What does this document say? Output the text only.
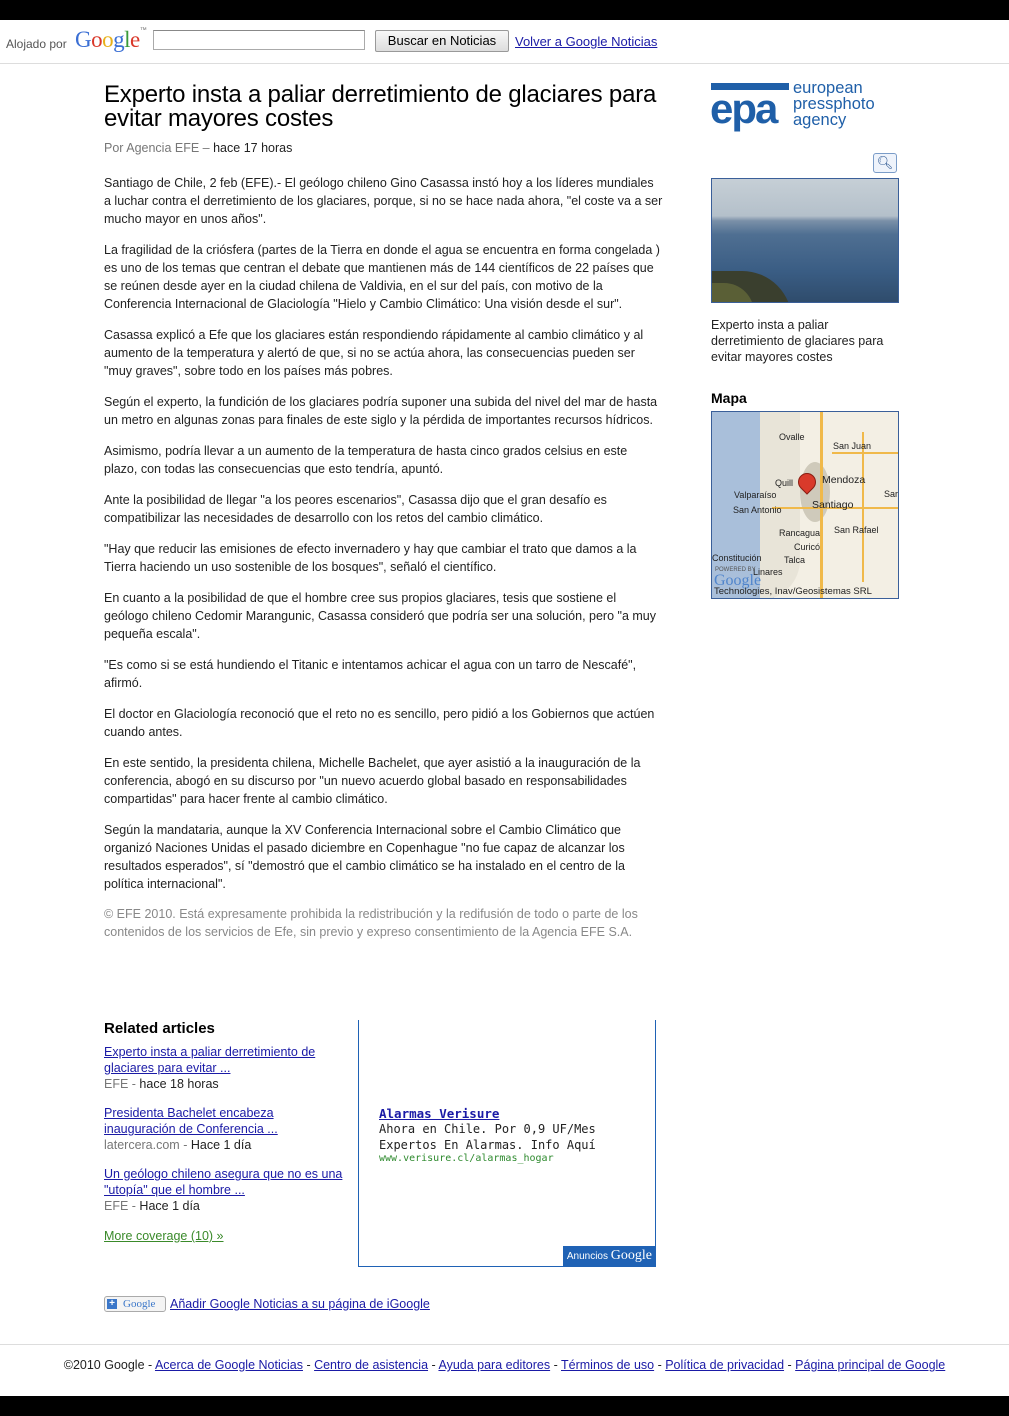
Alojado por Google™
Buscar en Noticias	Volver a Google Noticias
Experto insta a paliar derretimiento de glaciares para evitar mayores costes
Por Agencia EFE – hace 17 horas

Santiago de Chile, 2 feb (EFE).- El geólogo chileno Gino Casassa instó hoy a los líderes mundiales a luchar contra el derretimiento de los glaciares, porque, si no se hace nada ahora, "el coste va a ser mucho mayor en unos años".

La fragilidad de la criósfera (partes de la Tierra en donde el agua se encuentra en forma congelada ) es uno de los temas que centran el debate que mantienen más de 144 científicos de 22 países que se reúnen desde ayer en la ciudad chilena de Valdivia, en el sur del país, con motivo de la Conferencia Internacional de Glaciología "Hielo y Cambio Climático: Una visión desde el sur".

Casassa explicó a Efe que los glaciares están respondiendo rápidamente al cambio climático y al aumento de la temperatura y alertó de que, si no se actúa ahora, las consecuencias pueden ser "muy graves", sobre todo en los países más pobres.

Según el experto, la fundición de los glaciares podría suponer una subida del nivel del mar de hasta un metro en algunas zonas para finales de este siglo y la pérdida de importantes recursos hídricos.

Asimismo, podría llevar a un aumento de la temperatura de hasta cinco grados celsius en este plazo, con todas las consecuencias que esto tendría, apuntó.

Ante la posibilidad de llegar "a los peores escenarios", Casassa dijo que el gran desafío es compatibilizar las necesidades de desarrollo con los retos del cambio climático.

"Hay que reducir las emisiones de efecto invernadero y hay que cambiar el trato que damos a la Tierra haciendo un uso sostenible de los bosques", señaló el científico.

En cuanto a la posibilidad de que el hombre cree sus propios glaciares, tesis que sostiene el geólogo chileno Cedomir Marangunic, Casassa consideró que podría ser una solución, pero "a muy pequeña escala".

"Es como si se está hundiendo el Titanic e intentamos achicar el agua con un tarro de Nescafé", afirmó.

El doctor en Glaciología reconoció que el reto no es sencillo, pero pidió a los Gobiernos que actúen cuando antes.

En este sentido, la presidenta chilena, Michelle Bachelet, que ayer asistió a la inauguración de la conferencia, abogó en su discurso por "un nuevo acuerdo global basado en responsabilidades compartidas" para hacer frente al cambio climático.

Según la mandataria, aunque la XV Conferencia Internacional sobre el Cambio Climático que organizó Naciones Unidas el pasado diciembre en Copenhague "no fue capaz de alcanzar los resultados esperados", sí "demostró que el cambio climático se ha instalado en el centro de la política internacional".

© EFE 2010. Está expresamente prohibida la redistribución y la redifusión de todo o parte de los contenidos de los servicios de Efe, sin previo y expreso consentimiento de la Agencia EFE S.A.
Related articles
Experto insta a paliar derretimiento de glaciares para evitar ...
EFE - hace 18 horas
Presidenta Bachelet encabeza inauguración de Conferencia ...
latercera.com - Hace 1 día
Un geólogo chileno asegura que no es una "utopía" que el hombre ...
EFE - Hace 1 día
More coverage (10) »
Alarmas Verisure
Ahora en Chile. Por 0,9 UF/Mes
Expertos En Alarmas. Info Aquí
www.verisure.cl/alarmas_hogar
Anuncios Google
+ Google Añadir Google Noticias a su página de iGoogle
epa european
pressphoto
agency
🔍︎
Experto insta a paliar derretimiento de glaciares para evitar mayores costes
Mapa
Ovalle
San Juan
Mendoza
Quill
Valparaíso
Santiago
San Antonio
Sar
Rancagua San Rafael
Curicó
Constitución Talca
Linares
POWERED BY
Google
Technologies, Inav/Geosistemas SRL
©2010 Google - Acerca de Google Noticias - Centro de asistencia - Ayuda para editores - Términos de uso - Política de privacidad - Página principal de Google
